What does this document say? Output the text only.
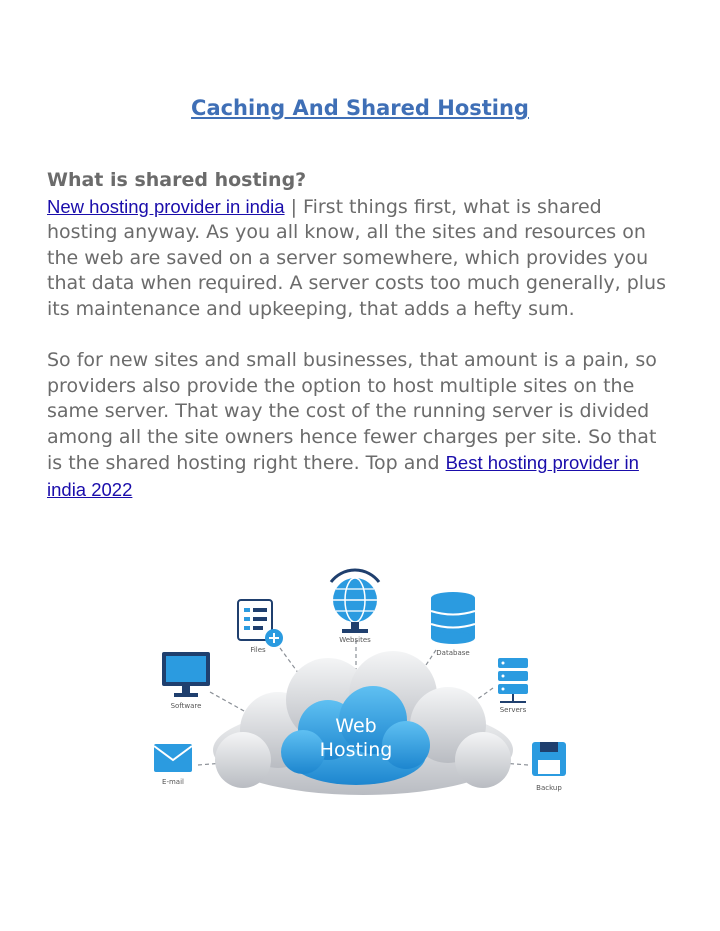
Caching And Shared Hosting

What is shared hosting?
New hosting provider in india | First things first, what is shared hosting anyway. As you all know, all the sites and resources on the web are saved on a server somewhere, which provides you that data when required. A server costs too much generally, plus its maintenance and upkeeping, that adds a hefty sum.

So for new sites and small businesses, that amount is a pain, so providers also provide the option to host multiple sites on the same server. That way the cost of the running server is divided among all the site owners hence fewer charges per site. So that is the shared hosting right there. Top and Best hosting provider in india 2022

Web
Hosting
Files
Websites
Database
Software	Servers
E-mail
Backup
